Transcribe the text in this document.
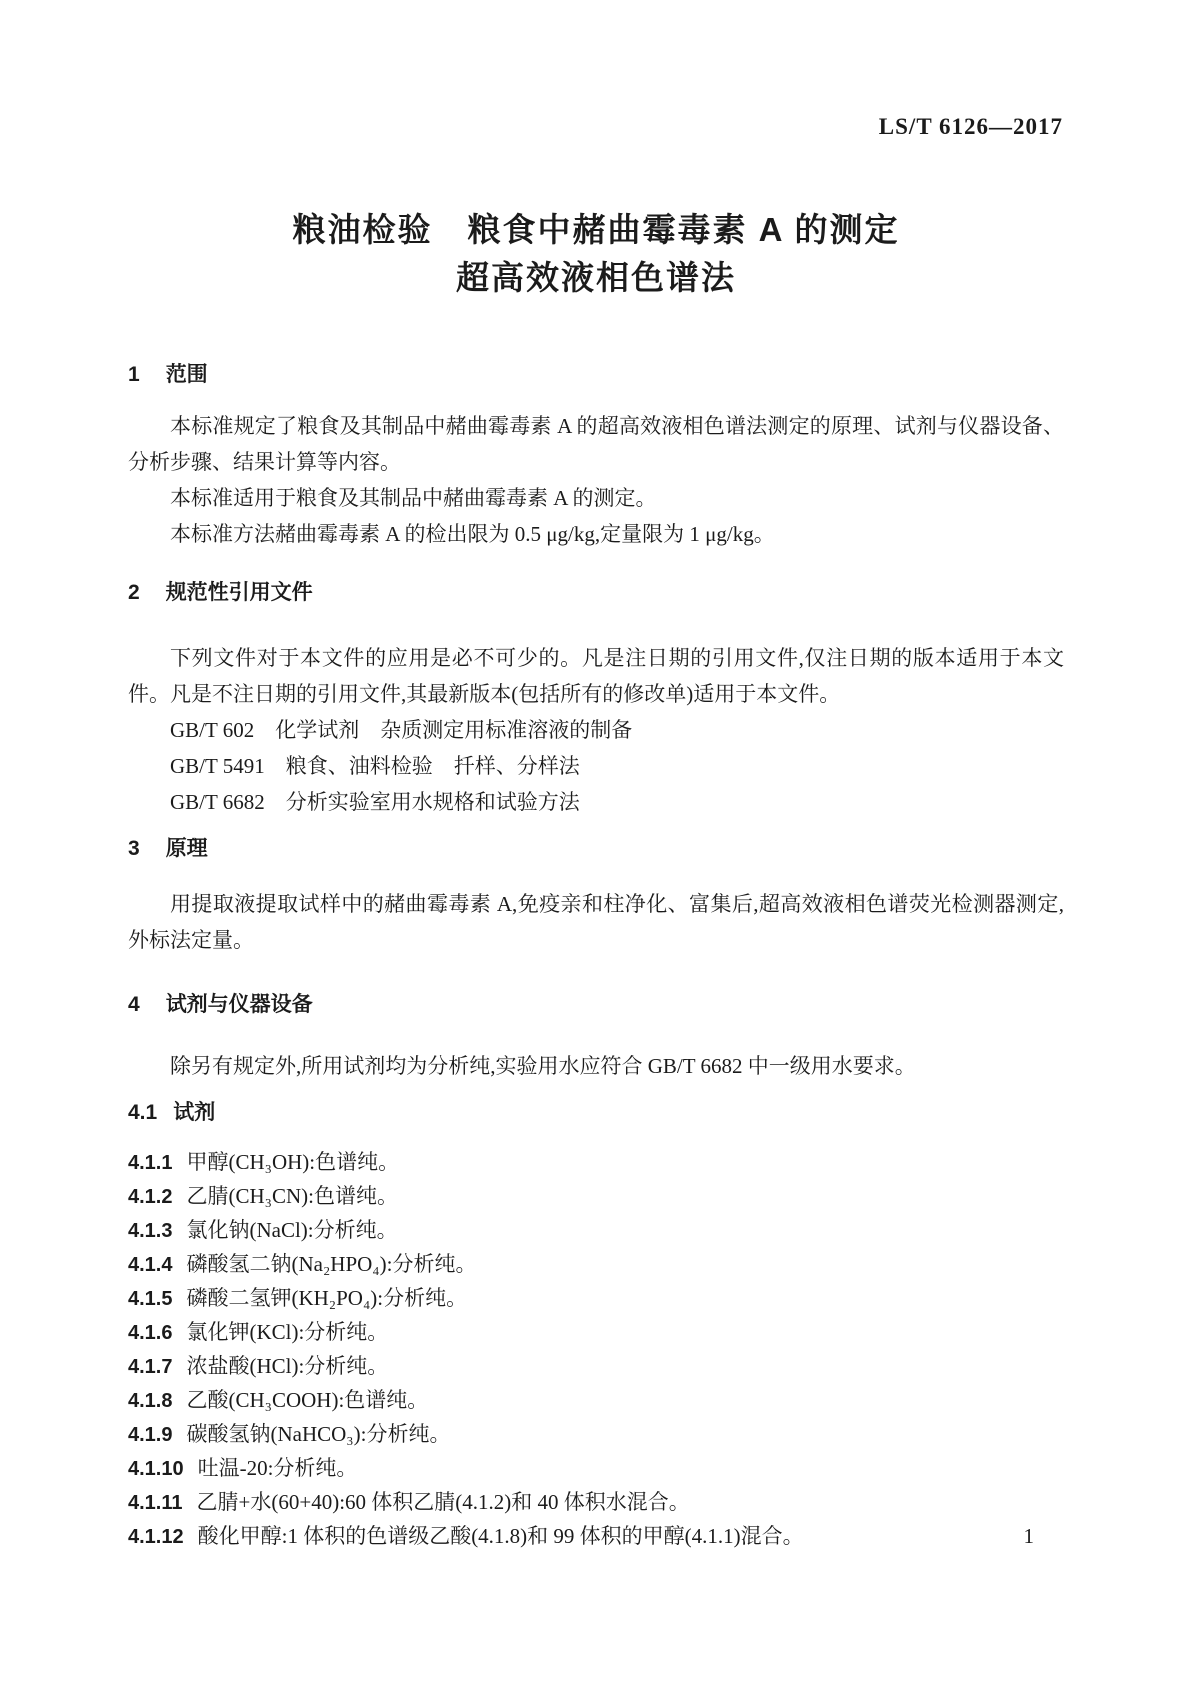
LS/T 6126—2017
粮油检验　粮食中赭曲霉毒素 A 的测定
超高效液相色谱法
1 范围

本标准规定了粮食及其制品中赭曲霉毒素 A 的超高效液相色谱法测定的原理、试剂与仪器设备、分析步骤、结果计算等内容。

本标准适用于粮食及其制品中赭曲霉毒素 A 的测定。

本标准方法赭曲霉毒素 A 的检出限为 0.5 μg/kg,定量限为 1 μg/kg。

2 规范性引用文件

下列文件对于本文件的应用是必不可少的。凡是注日期的引用文件,仅注日期的版本适用于本文件。凡是不注日期的引用文件,其最新版本(包括所有的修改单)适用于本文件。

GB/T 602　化学试剂　杂质测定用标准溶液的制备

GB/T 5491　粮食、油料检验　扦样、分样法

GB/T 6682　分析实验室用水规格和试验方法

3 原理

用提取液提取试样中的赭曲霉毒素 A,免疫亲和柱净化、富集后,超高效液相色谱荧光检测器测定,外标法定量。

4 试剂与仪器设备

除另有规定外,所用试剂均为分析纯,实验用水应符合 GB/T 6682 中一级用水要求。

4.1 试剂

4.1.1 甲醇(CH₃OH):色谱纯。

4.1.2 乙腈(CH₃CN):色谱纯。

4.1.3 氯化钠(NaCl):分析纯。

4.1.4 磷酸氢二钠(Na₂HPO₄):分析纯。

4.1.5 磷酸二氢钾(KH₂PO₄):分析纯。

4.1.6 氯化钾(KCl):分析纯。

4.1.7 浓盐酸(HCl):分析纯。

4.1.8 乙酸(CH₃COOH):色谱纯。

4.1.9 碳酸氢钠(NaHCO₃):分析纯。

4.1.10 吐温-20:分析纯。

4.1.11 乙腈+水(60+40):60 体积乙腈(4.1.2)和 40 体积水混合。

4.1.12 酸化甲醇:1 体积的色谱级乙酸(4.1.8)和 99 体积的甲醇(4.1.1)混合。	1
